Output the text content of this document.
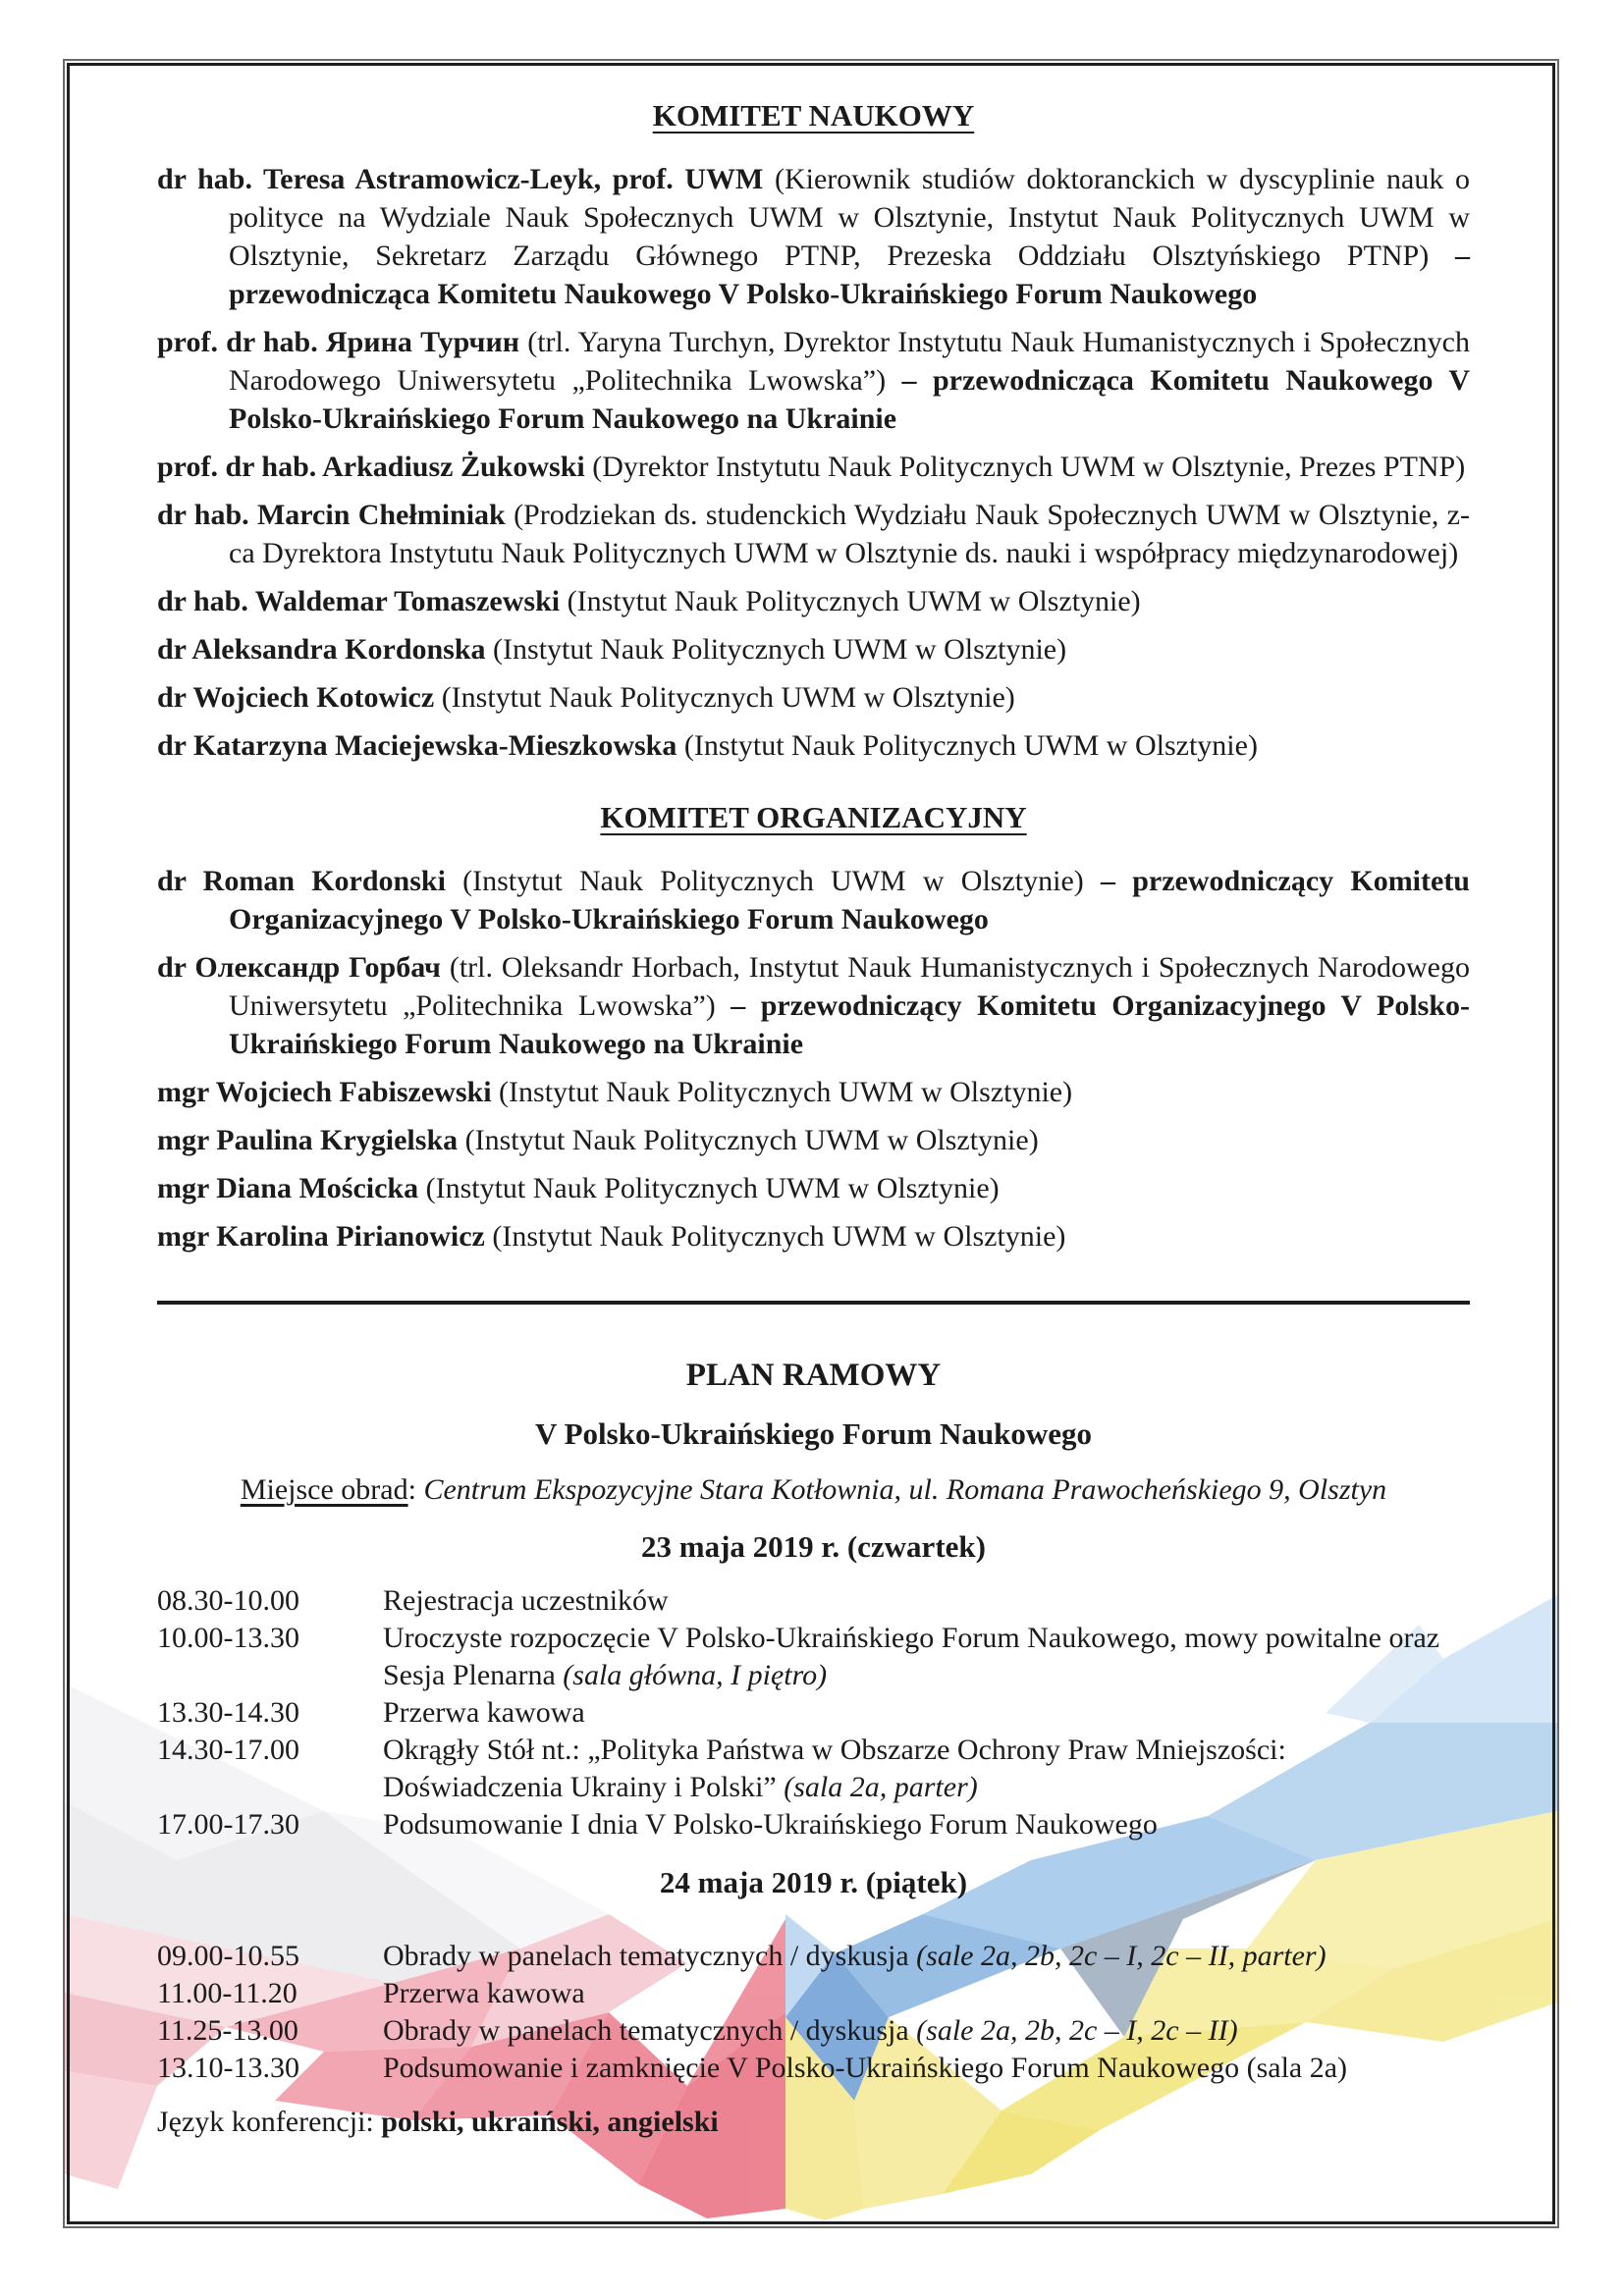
KOMITET NAUKOWY

dr hab. Teresa Astramowicz-Leyk, prof. UWM (Kierownik studiów doktoranckich w dyscyplinie nauk o polityce na Wydziale Nauk Społecznych UWM w Olsztynie, Instytut Nauk Politycznych UWM w Olsztynie, Sekretarz Zarządu Głównego PTNP, Prezeska Oddziału Olsztyńskiego PTNP) – przewodnicząca Komitetu Naukowego V Polsko-Ukraińskiego Forum Naukowego

prof. dr hab. Ярина Турчин (trl. Yaryna Turchyn, Dyrektor Instytutu Nauk Humanistycznych i Społecznych Narodowego Uniwersytetu „Politechnika Lwowska”) – przewodnicząca Komitetu Naukowego V Polsko-Ukraińskiego Forum Naukowego na Ukrainie

prof. dr hab. Arkadiusz Żukowski (Dyrektor Instytutu Nauk Politycznych UWM w Olsztynie, Prezes PTNP)

dr hab. Marcin Chełminiak (Prodziekan ds. studenckich Wydziału Nauk Społecznych UWM w Olsztynie, z-ca Dyrektora Instytutu Nauk Politycznych UWM w Olsztynie ds. nauki i współpracy międzynarodowej)

dr hab. Waldemar Tomaszewski (Instytut Nauk Politycznych UWM w Olsztynie)

dr Aleksandra Kordonska (Instytut Nauk Politycznych UWM w Olsztynie)

dr Wojciech Kotowicz (Instytut Nauk Politycznych UWM w Olsztynie)

dr Katarzyna Maciejewska-Mieszkowska (Instytut Nauk Politycznych UWM w Olsztynie)

KOMITET ORGANIZACYJNY

dr Roman Kordonski (Instytut Nauk Politycznych UWM w Olsztynie) – przewodniczący Komitetu Organizacyjnego V Polsko-Ukraińskiego Forum Naukowego

dr Олександр Горбач (trl. Oleksandr Horbach, Instytut Nauk Humanistycznych i Społecznych Narodowego Uniwersytetu „Politechnika Lwowska”) – przewodniczący Komitetu Organizacyjnego V Polsko-Ukraińskiego Forum Naukowego na Ukrainie

mgr Wojciech Fabiszewski (Instytut Nauk Politycznych UWM w Olsztynie)

mgr Paulina Krygielska (Instytut Nauk Politycznych UWM w Olsztynie)

mgr Diana Mościcka (Instytut Nauk Politycznych UWM w Olsztynie)

mgr Karolina Pirianowicz (Instytut Nauk Politycznych UWM w Olsztynie)

PLAN RAMOWY
V Polsko-Ukraińskiego Forum Naukowego
Miejsce obrad: Centrum Ekspozycyjne Stara Kotłownia, ul. Romana Prawocheńskiego 9, Olsztyn
23 maja 2019 r. (czwartek)
08.30-10.00	Rejestracja uczestników
10.00-13.30	Uroczyste rozpoczęcie V Polsko-Ukraińskiego Forum Naukowego, mowy powitalne oraz Sesja Plenarna (sala główna, I piętro)
13.30-14.30	Przerwa kawowa
14.30-17.00	Okrągły Stół nt.: „Polityka Państwa w Obszarze Ochrony Praw Mniejszości: Doświadczenia Ukrainy i Polski” (sala 2a, parter)
17.00-17.30	Podsumowanie I dnia V Polsko-Ukraińskiego Forum Naukowego
24 maja 2019 r. (piątek)
09.00-10.55	Obrady w panelach tematycznych / dyskusja (sale 2a, 2b, 2c – I, 2c – II, parter)
11.00-11.20	Przerwa kawowa
11.25-13.00	Obrady w panelach tematycznych / dyskusja (sale 2a, 2b, 2c – I, 2c – II)
13.10-13.30	Podsumowanie i zamknięcie V Polsko-Ukraińskiego Forum Naukowego (sala 2a)

Język konferencji: polski, ukraiński, angielski
